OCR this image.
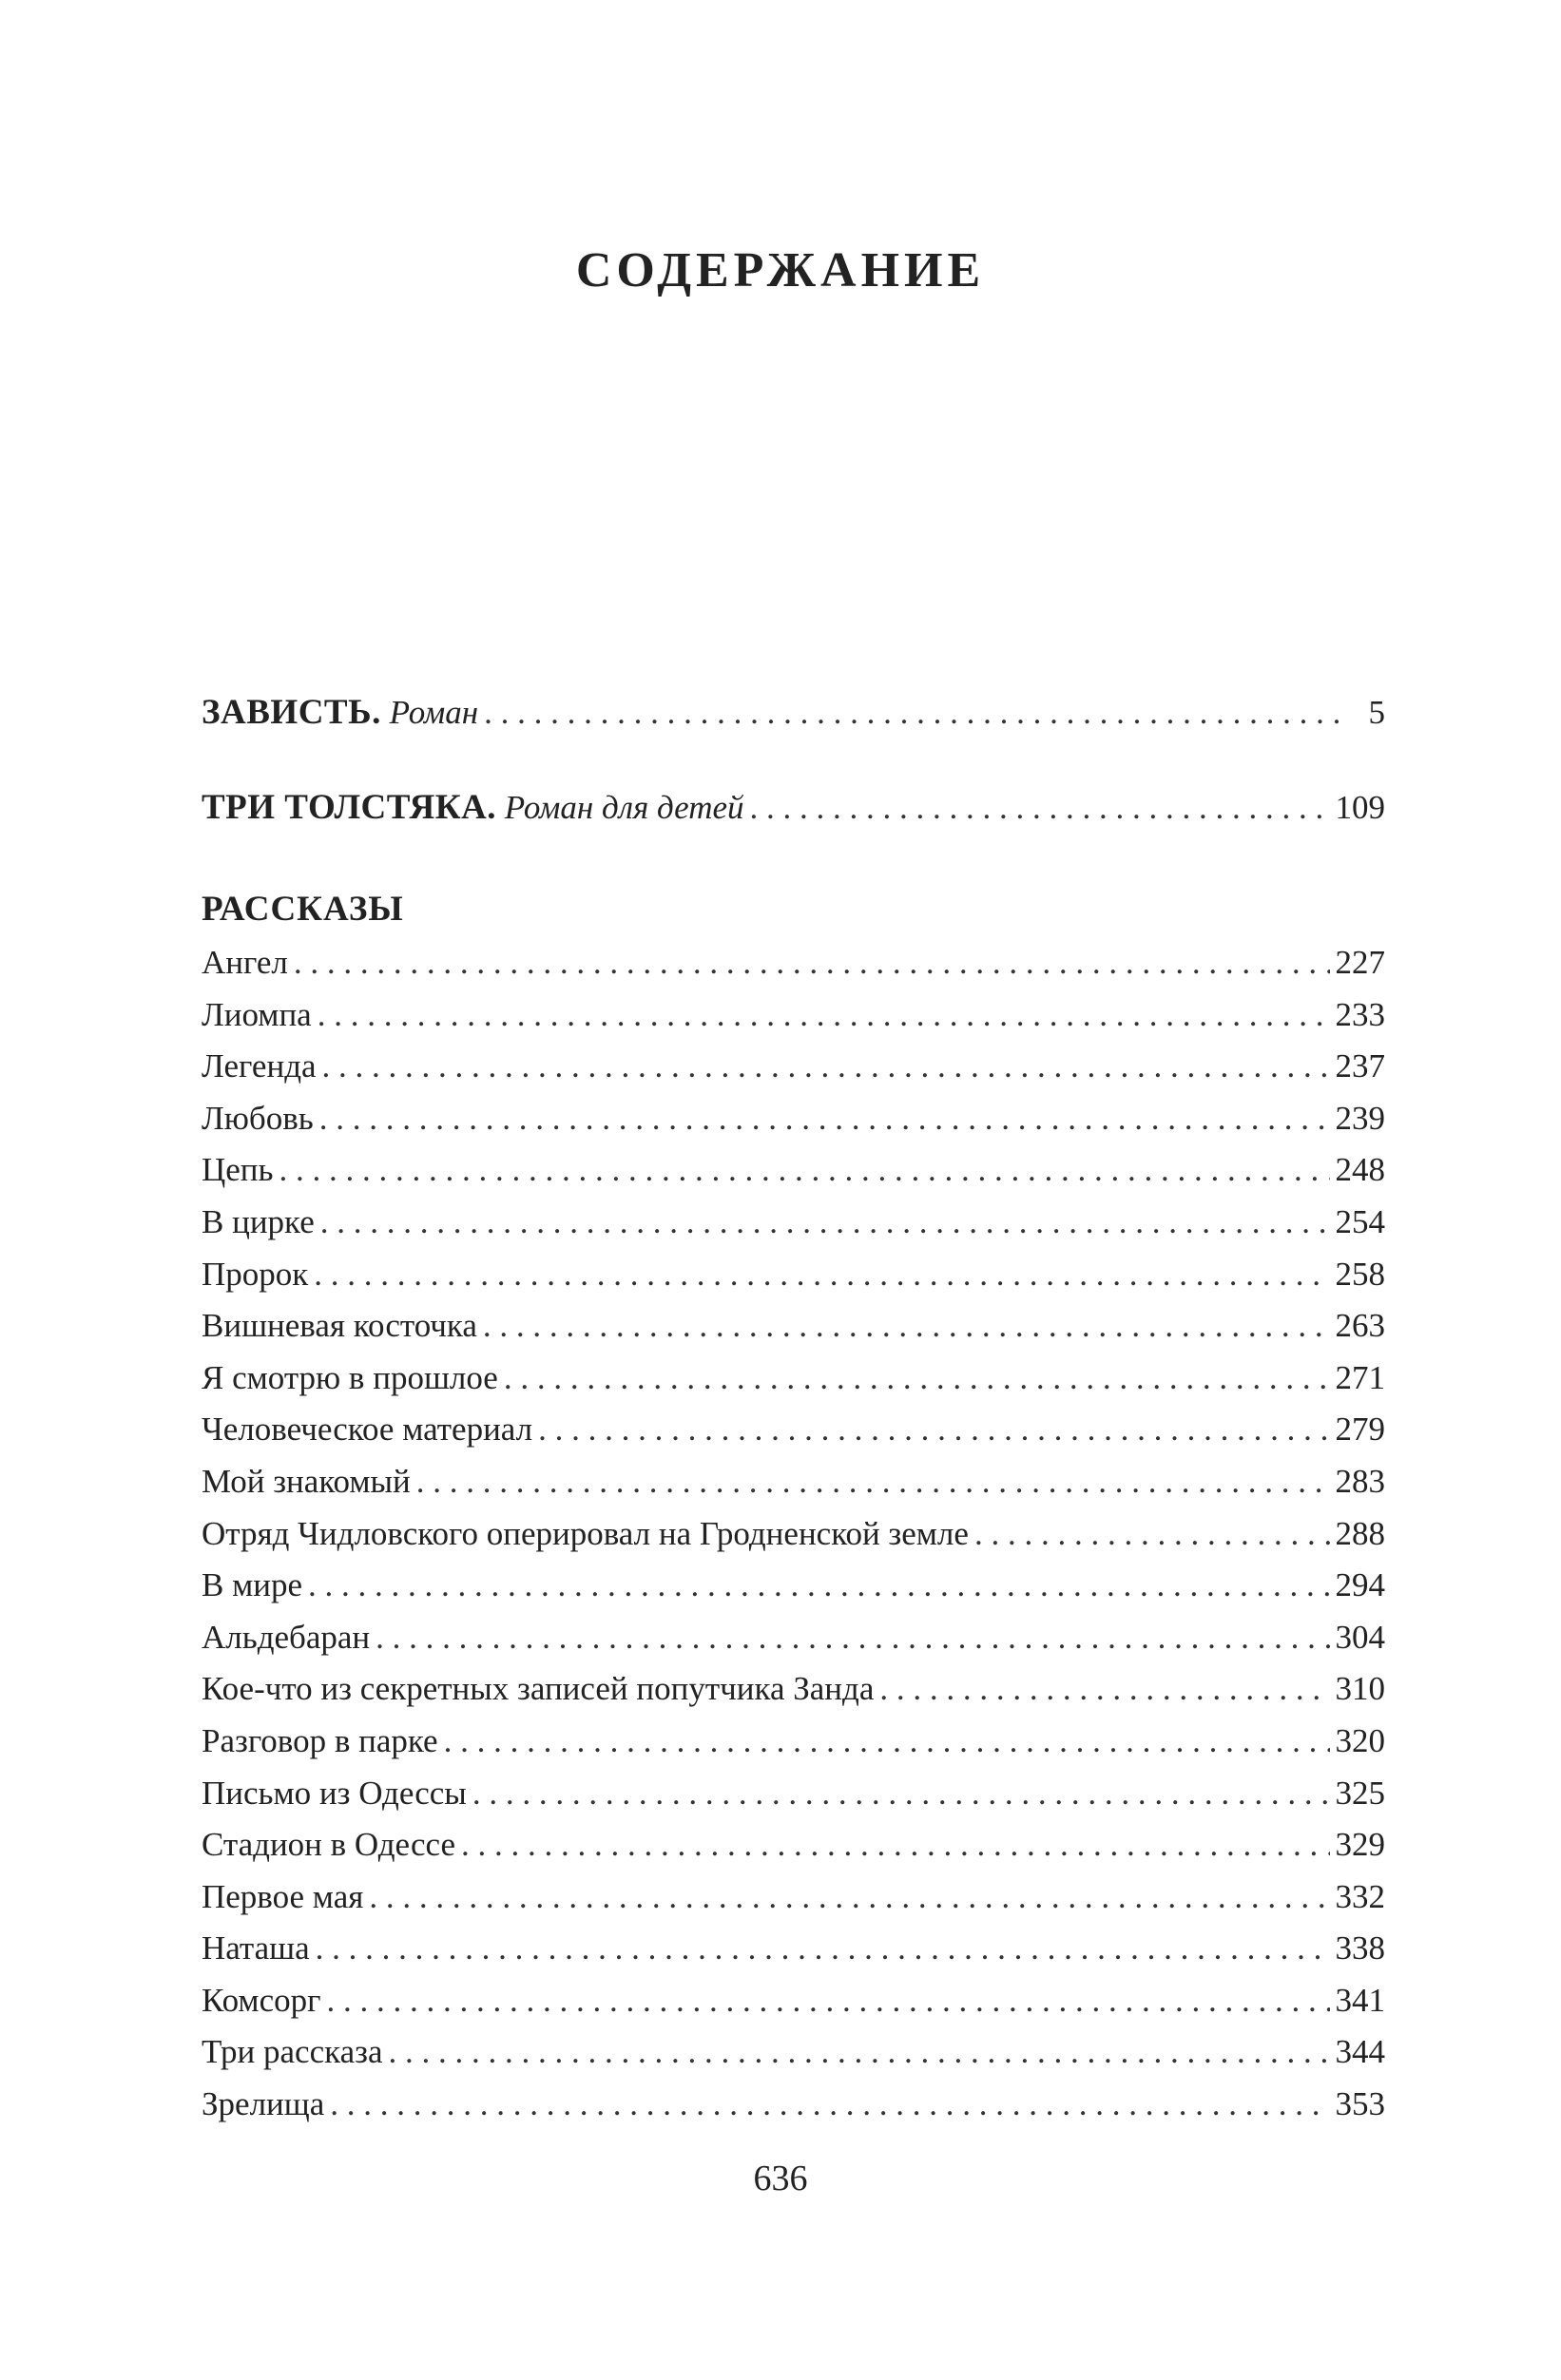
СОДЕРЖАНИЕ
ЗАВИСТЬ. Роман . . .	5
ТРИ ТОЛСТЯКА. Роман для детей . . .	109
РАССКАЗЫ
Ангел . . .	227
Лиомпа . . .	233
Легенда . . .	237
Любовь . . .	239
Цепь . . .	248
В цирке . . .	254
Пророк . . .	258
Вишневая косточка . . .	263
Я смотрю в прошлое . . .	271
Человеческое материал . . .	279
Мой знакомый . . .	283
Отряд Чидловского оперировал на Гродненской земле . . .	288
В мире . . .	294
Альдебаран . . .	304
Кое-что из секретных записей попутчика Занда . . .	310
Разговор в парке . . .	320
Письмо из Одессы . . .	325
Стадион в Одессе . . .	329
Первое мая . . .	332
Наташа . . .	338
Комсорг . . .	341
Три рассказа . . .	344
Зрелища . . .	353
636
